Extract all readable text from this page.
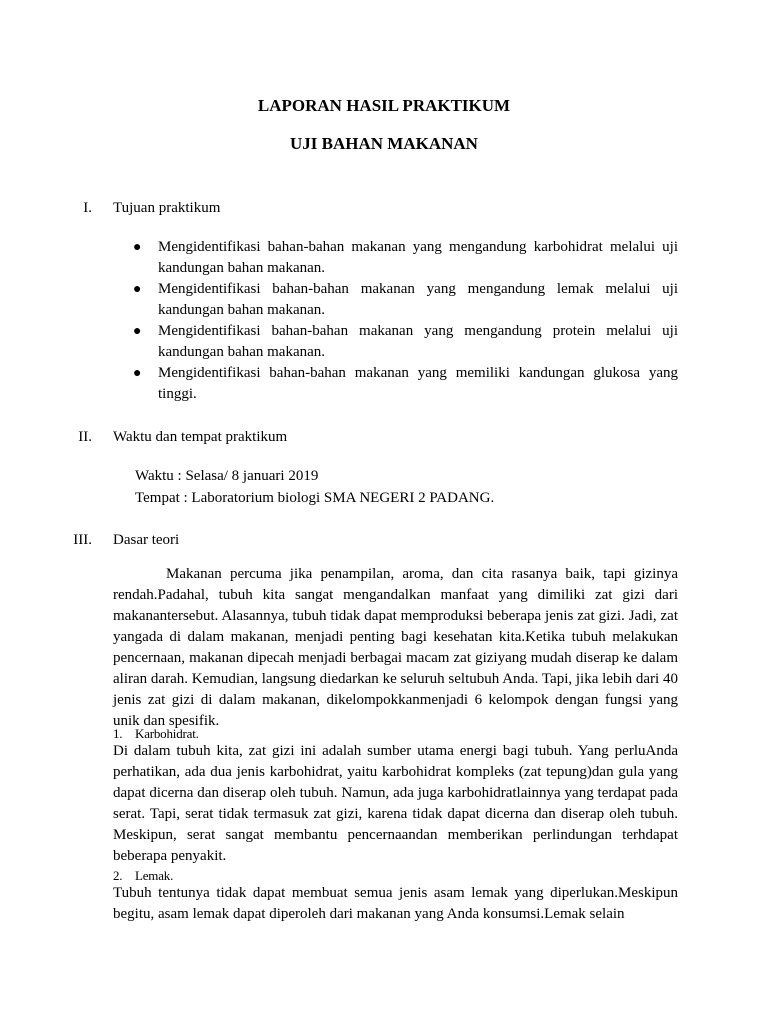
LAPORAN HASIL PRAKTIKUM
UJI BAHAN MAKANAN
I. Tujuan praktikum
● Mengidentifikasi bahan-bahan makanan yang mengandung karbohidrat melalui uji kandungan bahan makanan.
● Mengidentifikasi bahan-bahan makanan yang mengandung lemak melalui uji kandungan bahan makanan.
● Mengidentifikasi bahan-bahan makanan yang mengandung protein melalui uji kandungan bahan makanan.
● Mengidentifikasi bahan-bahan makanan yang memiliki kandungan glukosa yang tinggi.
II. Waktu dan tempat praktikum
Waktu : Selasa/ 8 januari 2019
Tempat : Laboratorium biologi SMA NEGERI 2 PADANG.
III. Dasar teori

Makanan percuma jika penampilan, aroma, dan cita rasanya baik, tapi gizinya rendah.Padahal, tubuh kita sangat mengandalkan manfaat yang dimiliki zat gizi dari makanantersebut. Alasannya, tubuh tidak dapat memproduksi beberapa jenis zat gizi. Jadi, zat yangada di dalam makanan, menjadi penting bagi kesehatan kita.Ketika tubuh melakukan pencernaan, makanan dipecah menjadi berbagai macam zat giziyang mudah diserap ke dalam aliran darah. Kemudian, langsung diedarkan ke seluruh seltubuh Anda. Tapi, jika lebih dari 40 jenis zat gizi di dalam makanan, dikelompokkanmenjadi 6 kelompok dengan fungsi yang unik dan spesifik.

1. Karbohidrat.

Di dalam tubuh kita, zat gizi ini adalah sumber utama energi bagi tubuh. Yang perluAnda perhatikan, ada dua jenis karbohidrat, yaitu karbohidrat kompleks (zat tepung)dan gula yang dapat dicerna dan diserap oleh tubuh. Namun, ada juga karbohidratlainnya yang terdapat pada serat. Tapi, serat tidak termasuk zat gizi, karena tidak dapat dicerna dan diserap oleh tubuh. Meskipun, serat sangat membantu pencernaandan memberikan perlindungan terhdapat beberapa penyakit.

2. Lemak.

Tubuh tentunya tidak dapat membuat semua jenis asam lemak yang diperlukan.Meskipun begitu, asam lemak dapat diperoleh dari makanan yang Anda konsumsi.Lemak selain
